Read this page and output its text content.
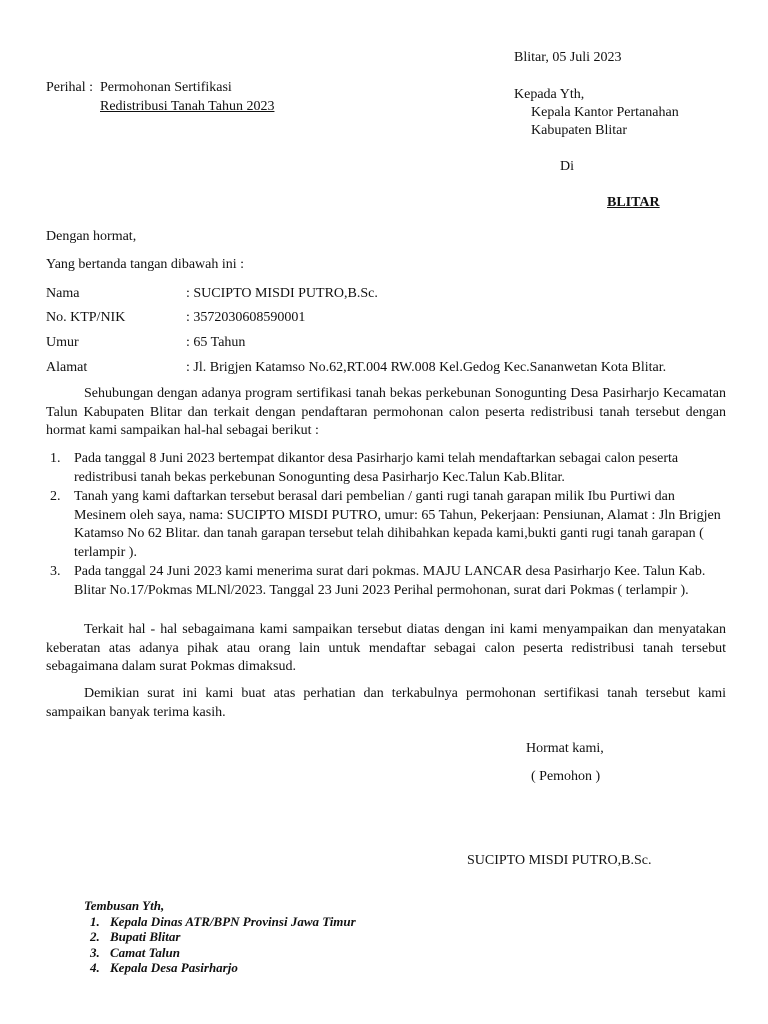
Blitar, 05 Juli 2023
Perihal : Permohonan Sertifikasi
Redistribusi Tanah Tahun 2023
Kepada Yth,
Kepala Kantor Pertanahan
Kabupaten Blitar
Di
BLITAR
Dengan hormat,
Yang bertanda tangan dibawah ini :
Nama	: SUCIPTO MISDI PUTRO,B.Sc.
No. KTP/NIK	: 3572030608590001
Umur	: 65 Tahun
Alamat	: Jl. Brigjen Katamso No.62,RT.004 RW.008 Kel.Gedog Kec.Sananwetan Kota Blitar.
Sehubungan dengan adanya program sertifikasi tanah bekas perkebunan Sonogunting Desa Pasirharjo Kecamatan Talun Kabupaten Blitar dan terkait dengan pendaftaran permohonan calon peserta redistribusi tanah tersebut dengan hormat kami sampaikan hal-hal sebagai berikut :
1. Pada tanggal 8 Juni 2023 bertempat dikantor desa Pasirharjo kami telah mendaftarkan sebagai calon peserta redistribusi tanah bekas perkebunan Sonogunting desa Pasirharjo Kec.Talun Kab.Blitar.
2. Tanah yang kami daftarkan tersebut berasal dari pembelian / ganti rugi tanah garapan milik Ibu Purtiwi dan Mesinem oleh saya, nama: SUCIPTO MISDI PUTRO, umur: 65 Tahun, Pekerjaan: Pensiunan, Alamat : Jln Brigjen Katamso No 62 Blitar. dan tanah garapan tersebut telah dihibahkan kepada kami,bukti ganti rugi tanah garapan ( terlampir ).
3. Pada tanggal 24 Juni 2023 kami menerima surat dari pokmas. MAJU LANCAR desa Pasirharjo Kee. Talun Kab. Blitar No.17/Pokmas MLNl/2023. Tanggal 23 Juni 2023 Perihal permohonan, surat dari Pokmas ( terlampir ).
Terkait hal - hal sebagaimana kami sampaikan tersebut diatas dengan ini kami menyampaikan dan menyatakan keberatan atas adanya pihak atau orang lain untuk mendaftar sebagai calon peserta redistribusi tanah tersebut sebagaimana dalam surat Pokmas dimaksud.
Demikian surat ini kami buat atas perhatian dan terkabulnya permohonan sertifikasi tanah tersebut kami sampaikan banyak terima kasih.
Hormat kami,
( Pemohon )
SUCIPTO MISDI PUTRO,B.Sc.
Tembusan Yth,
1. Kepala Dinas ATR/BPN Provinsi Jawa Timur
2. Bupati Blitar
3. Camat Talun
4. Kepala Desa Pasirharjo
